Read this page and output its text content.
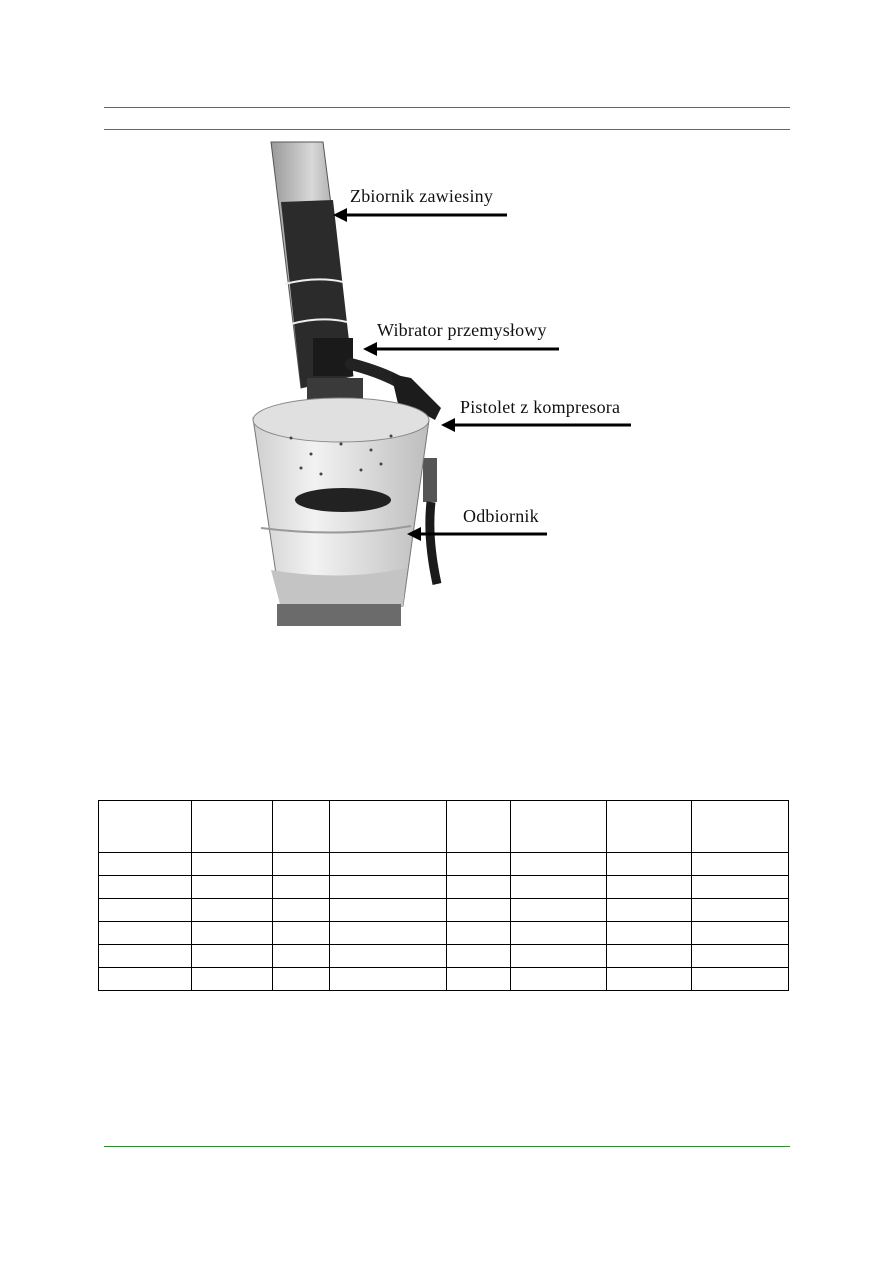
Zbiornik zawiesiny
Wibrator przemysłowy
Pistolet z kompresora
Odbiornik
